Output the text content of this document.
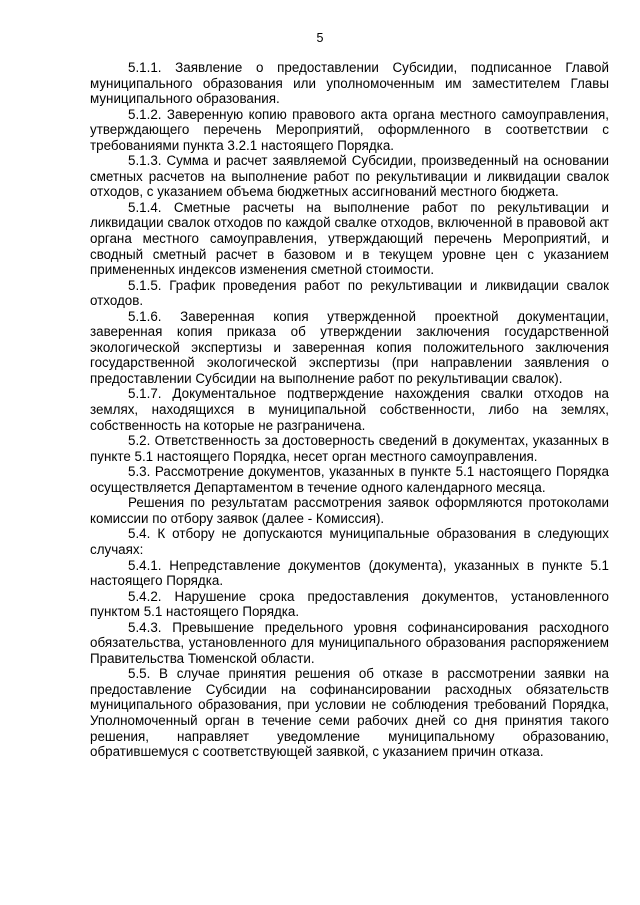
5

5.1.1. Заявление о предоставлении Субсидии, подписанное Главой муниципального образования или уполномоченным им заместителем Главы муниципального образования.

5.1.2. Заверенную копию правового акта органа местного самоуправления, утверждающего перечень Мероприятий, оформленного в соответствии с требованиями пункта 3.2.1 настоящего Порядка.

5.1.3. Сумма и расчет заявляемой Субсидии, произведенный на основании сметных расчетов на выполнение работ по рекультивации и ликвидации свалок отходов, с указанием объема бюджетных ассигнований местного бюджета.

5.1.4. Сметные расчеты на выполнение работ по рекультивации и ликвидации свалок отходов по каждой свалке отходов, включенной в правовой акт органа местного самоуправления, утверждающий перечень Мероприятий, и сводный сметный расчет в базовом и в текущем уровне цен с указанием примененных индексов изменения сметной стоимости.

5.1.5. График проведения работ по рекультивации и ликвидации свалок отходов.

5.1.6. Заверенная копия утвержденной проектной документации, заверенная копия приказа об утверждении заключения государственной экологической экспертизы и заверенная копия положительного заключения государственной экологической экспертизы (при направлении заявления о предоставлении Субсидии на выполнение работ по рекультивации свалок).

5.1.7. Документальное подтверждение нахождения свалки отходов на землях, находящихся в муниципальной собственности, либо на землях, собственность на которые не разграничена.

5.2. Ответственность за достоверность сведений в документах, указанных в пункте 5.1 настоящего Порядка, несет орган местного самоуправления.

5.3. Рассмотрение документов, указанных в пункте 5.1 настоящего Порядка осуществляется Департаментом в течение одного календарного месяца.

Решения по результатам рассмотрения заявок оформляются протоколами комиссии по отбору заявок (далее - Комиссия).

5.4. К отбору не допускаются муниципальные образования в следующих случаях:

5.4.1. Непредставление документов (документа), указанных в пункте 5.1 настоящего Порядка.

5.4.2. Нарушение срока предоставления документов, установленного пунктом 5.1 настоящего Порядка.

5.4.3. Превышение предельного уровня софинансирования расходного обязательства, установленного для муниципального образования распоряжением Правительства Тюменской области.

5.5. В случае принятия решения об отказе в рассмотрении заявки на предоставление Субсидии на софинансировании расходных обязательств муниципального образования, при условии не соблюдения требований Порядка, Уполномоченный орган в течение семи рабочих дней со дня принятия такого решения, направляет уведомление муниципальному образованию, обратившемуся с соответствующей заявкой, с указанием причин отказа.
